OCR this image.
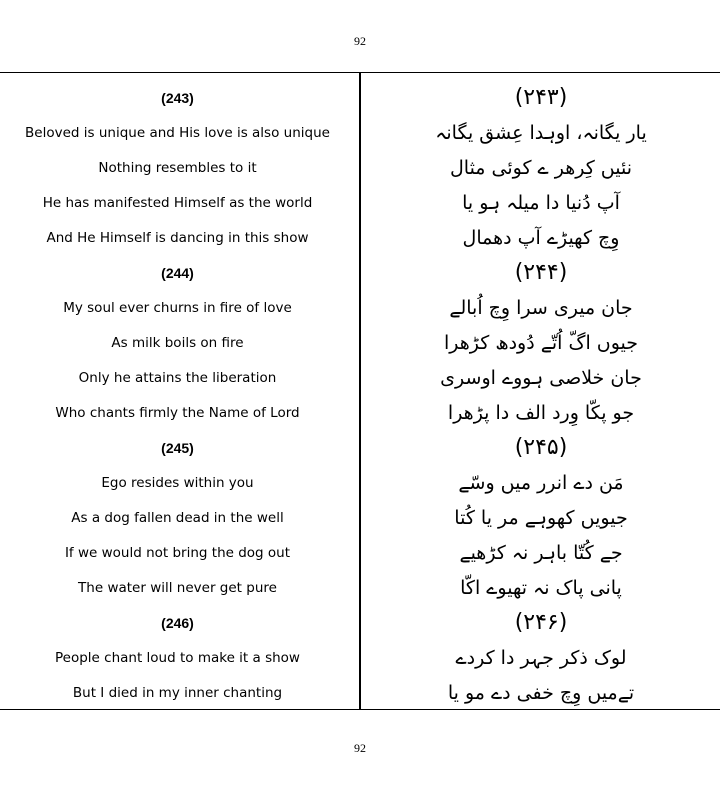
92
92
(243)
Beloved is unique and His love is also unique
Nothing resembles to it
He has manifested Himself as the world
And He Himself is dancing in this show
(244)
My soul ever churns in fire of love
As milk boils on fire
Only he attains the liberation
Who chants firmly the Name of Lord
(245)
Ego resides within you
As a dog fallen dead in the well
If we would not bring the dog out
The water will never get pure
(246)
People chant loud to make it a show
But I died in my inner chanting
(۲۴۳)
یار یگانہ، اوہدا عِشق یگانہ
نئیں کِرھر ے کوئی مثال
آپ دُنیا دا میلہ ہو یا
وِچ کھیڑے آپ دھمال
(۲۴۴)
جان میری سرا وِچ اُبالے
جیوں اگّ اُتّے دُودھ کڑھرا
جان خلاصی ہووے اوسری
جو پکّا وِرد الف دا پڑھرا
(۲۴۵)
مَن دے انرر میں وسّے
جیویں کھوہے مر یا کُتا
جے کُتّا باہر نہ کڑھیے
پانی پاک نہ تھیوے اکّا
(۲۴۶)
لوک ذکر جہر دا کردے
تےمیں وِچ خفی دے مو یا
